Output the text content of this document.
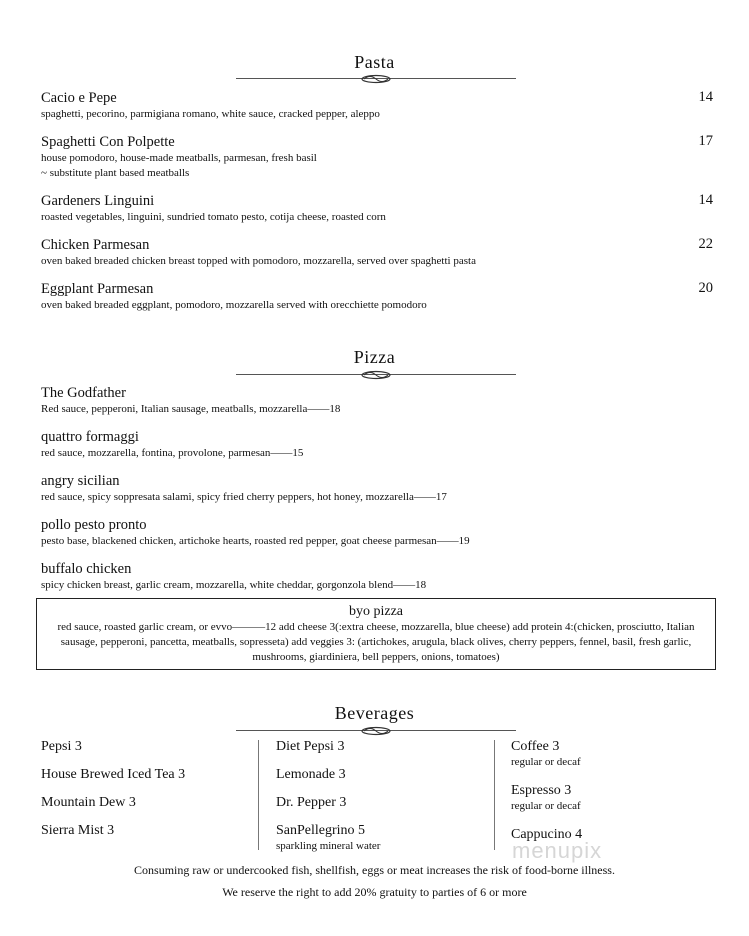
Pasta
Cacio e Pepe	14
spaghetti, pecorino, parmigiana romano, white sauce, cracked pepper, aleppo
Spaghetti Con Polpette	17
house pomodoro, house-made meatballs, parmesan, fresh basil
~ substitute plant based meatballs
Gardeners Linguini	14
roasted vegetables, linguini, sundried tomato pesto, cotija cheese, roasted corn
Chicken Parmesan	22
oven baked breaded chicken breast topped with pomodoro, mozzarella, served over spaghetti pasta
Eggplant Parmesan	20
oven baked breaded eggplant, pomodoro, mozzarella served with orecchiette pomodoro
Pizza
The Godfather
Red sauce, pepperoni, Italian sausage, meatballs, mozzarella——18
quattro formaggi
red sauce, mozzarella, fontina, provolone, parmesan——15
angry sicilian
red sauce, spicy soppresata salami, spicy fried cherry peppers, hot honey, mozzarella——17
pollo pesto pronto
pesto base, blackened chicken, artichoke hearts, roasted red pepper, goat cheese parmesan——19
buffalo chicken
spicy chicken breast, garlic cream, mozzarella, white cheddar, gorgonzola blend——18
byo pizza
red sauce, roasted garlic cream, or evvo———12 add cheese 3(:extra cheese, mozzarella, blue cheese) add protein 4:(chicken, prosciutto, Italian sausage, pepperoni, pancetta, meatballs, sopresseta) add veggies 3: (artichokes, arugula, black olives, cherry peppers, fennel, basil, fresh garlic, mushrooms, giardiniera, bell peppers, onions, tomatoes)
Beverages
Pepsi 3
House Brewed Iced Tea 3
Mountain Dew 3
Sierra Mist 3
Diet Pepsi 3
Lemonade 3
Dr. Pepper 3
SanPellegrino 5
sparkling mineral water
Coffee 3
regular or decaf
Espresso 3
regular or decaf
Cappucino 4
menupix
Consuming raw or undercooked fish, shellfish, eggs or meat increases the risk of food-borne illness.
We reserve the right to add 20% gratuity to parties of 6 or more
